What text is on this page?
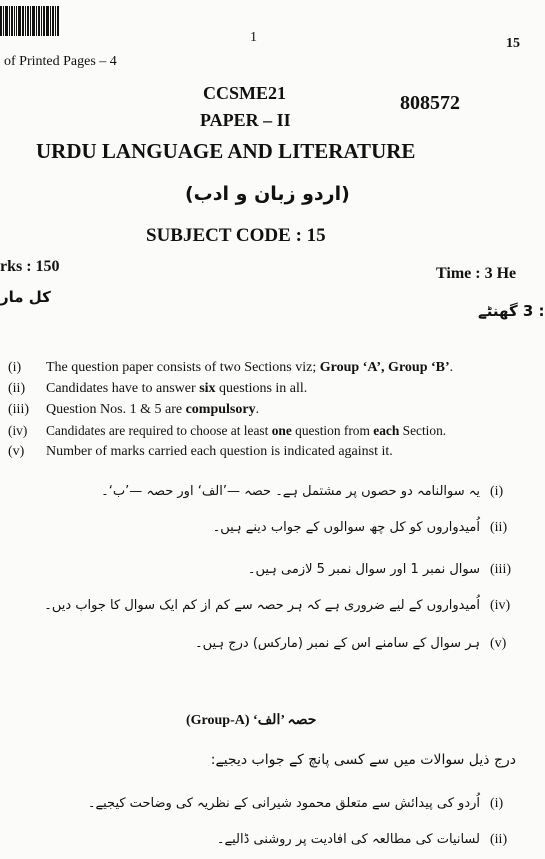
1	15
of Printed Pages – 4
CCSME21	808572
PAPER – II
URDU LANGUAGE AND LITERATURE
(اردو زبان و ادب)
SUBJECT CODE : 15
rks : 150	Time : 3 He
کل مار
: 3 گھنٹے
(i) The question paper consists of two Sections viz; Group ‘A’, Group ‘B’.
(ii) Candidates have to answer six questions in all.
(iii) Question Nos. 1 & 5 are compulsory.
(iv) Candidates are required to choose at least one question from each Section.
(v) Number of marks carried each question is indicated against it.
یہ سوالنامہ دو حصوں پر مشتمل ہے۔ حصہ —’الف‘ اور حصہ —’ب‘۔ (i)
اُمیدواروں کو کل چھ سوالوں کے جواب دینے ہیں۔ (ii)
سوال نمبر 1 اور سوال نمبر 5 لازمی ہیں۔ (iii)
اُمیدواروں کے لیے ضروری ہے کہ ہر حصہ سے کم از کم ایک سوال کا جواب دیں۔ (iv)
ہر سوال کے سامنے اس کے نمبر (مارکس) درج ہیں۔ (v)
(Group-A) ‘حصہ ’الف
درج ذیل سوالات میں سے کسی پانچ کے جواب دیجیے:
اُردو کی پیدائش سے متعلق محمود شیرانی کے نظریہ کی وضاحت کیجیے۔ (i)
لسانیات کی مطالعہ کی افادیت پر روشنی ڈالیے۔ (ii)
